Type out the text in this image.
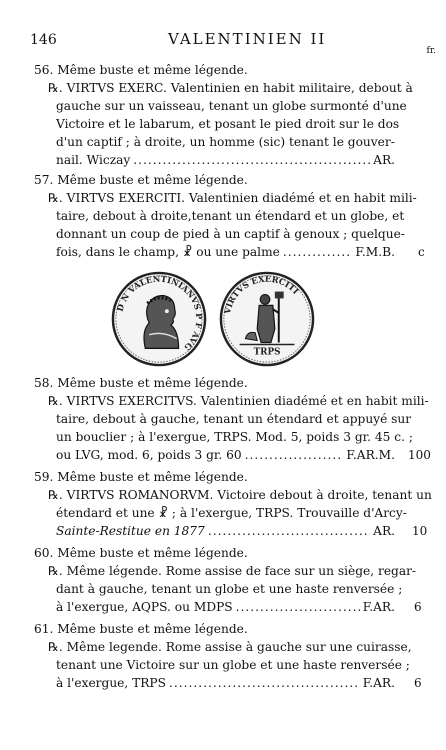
146	VALENTINIEN II
fr.
56. Même buste et même légende.
℞. VIRTVS EXERC. Valentinien en habit militaire, debout à
gauche sur un vaisseau, tenant un globe surmonté d'une
Victoire et le labarum, et posant le pied droit sur le dos
d'un captif ; à droite, un homme (sic) tenant le gouver-
nail. Wiczay .....	AR.
57. Même buste et même légende.
℞. VIRTVS EXERCITI. Valentinien diadémé et en habit mili-
taire, debout à droite,tenant un étendard et un globe, et
donnant un coup de pied à un captif à genoux ; quelque-
fois, dans le champ, ☧ ou une palme .....	F.M.B. c
D N VALENTINIANVS P F AVG
VIRTVS EXERCITI
TRPS
58. Même buste et même légende.
℞. VIRTVS EXERCITVS. Valentinien diadémé et en habit mili-
taire, debout à gauche, tenant un étendard et appuyé sur
un bouclier ; à l'exergue, TRPS. Mod. 5, poids 3 gr. 45 c. ;
ou LVG, mod. 6, poids 3 gr. 60 .....	F.AR.M. 100
59. Même buste et même légende.
℞. VIRTVS ROMANORVM. Victoire debout à droite, tenant un
étendard et une ☧ ; à l'exergue, TRPS. Trouvaille d'Arcy-
Sainte-Restitue en 1877 .....	AR. 10
60. Même buste et même légende.
℞. Même légende. Rome assise de face sur un siège, regar-
dant à gauche, tenant un globe et une haste renversée ;
à l'exergue, AQPS. ou MDPS .....	F.AR. 6
61. Même buste et même légende.
℞. Même legende. Rome assise à gauche sur une cuirasse,
tenant une Victoire sur un globe et une haste renversée ;
à l'exergue, TRPS .....	F.AR. 6
